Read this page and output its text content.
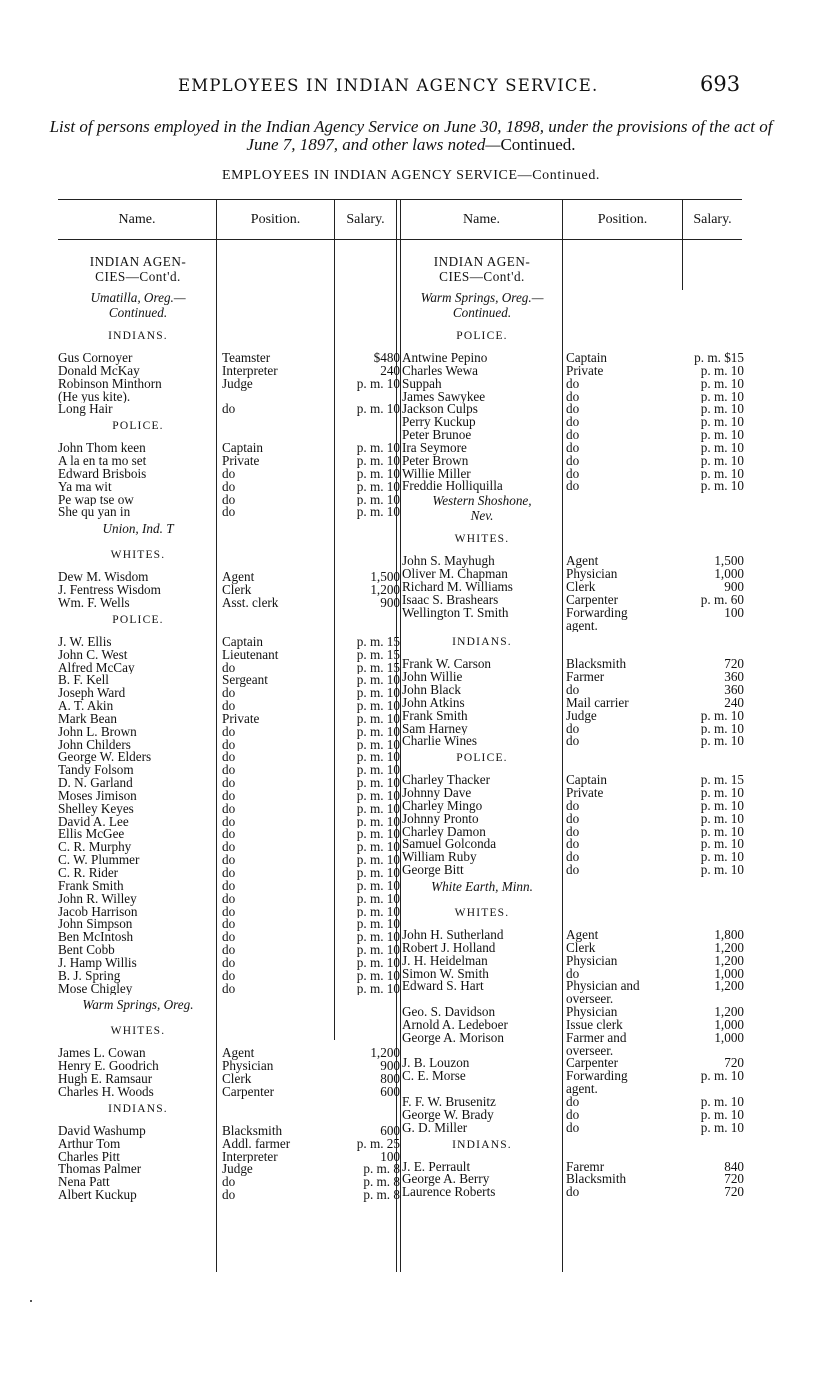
EMPLOYEES IN INDIAN AGENCY SERVICE.	693
List of persons employed in the Indian Agency Service on June 30, 1898, under the provisions of the act of June 7, 1897, and other laws noted—Continued.
EMPLOYEES IN INDIAN AGENCY SERVICE—Continued.
Name.	Position.	Salary.	Name.	Position.	Salary.
INDIAN AGEN-
CIES—Cont'd.
Umatilla, Oreg.—
Continued.
INDIANS.
Gus Cornoyer	Teamster	$480
Donald McKay	Interpreter	240
Robinson Minthorn	Judge	p. m. 10
(He yus kite).
Long Hair	do	p. m. 10
POLICE.
John Thom keen	Captain	p. m. 10
A la en ta mo set	Private	p. m. 10
Edward Brisbois	do	p. m. 10
Ya ma wit	do	p. m. 10
Pe wap tse ow	do	p. m. 10
She qu yan in	do	p. m. 10
Union, Ind. T
WHITES.
Dew M. Wisdom	Agent	1,500
J. Fentress Wisdom	Clerk	1,200
Wm. F. Wells	Asst. clerk	900
POLICE.
J. W. Ellis	Captain	p. m. 15
John C. West	Lieutenant	p. m. 15
Alfred McCay	do	p. m. 15
B. F. Kell	Sergeant	p. m. 10
Joseph Ward	do	p. m. 10
A. T. Akin	do	p. m. 10
Mark Bean	Private	p. m. 10
John L. Brown	do	p. m. 10
John Childers	do	p. m. 10
George W. Elders	do	p. m. 10
Tandy Folsom	do	p. m. 10
D. N. Garland	do	p. m. 10
Moses Jimison	do	p. m. 10
Shelley Keyes	do	p. m. 10
David A. Lee	do	p. m. 10
Ellis McGee	do	p. m. 10
C. R. Murphy	do	p. m. 10
C. W. Plummer	do	p. m. 10
C. R. Rider	do	p. m. 10
Frank Smith	do	p. m. 10
John R. Willey	do	p. m. 10
Jacob Harrison	do	p. m. 10
John Simpson	do	p. m. 10
Ben McIntosh	do	p. m. 10
Bent Cobb	do	p. m. 10
J. Hamp Willis	do	p. m. 10
B. J. Spring	do	p. m. 10
Mose Chigley	do	p. m. 10
Warm Springs, Oreg.
WHITES.
James L. Cowan	Agent	1,200
Henry E. Goodrich	Physician	900
Hugh E. Ramsaur	Clerk	800
Charles H. Woods	Carpenter	600
INDIANS.
David Washump	Blacksmith	600
Arthur Tom	Addl. farmer	p. m. 25
Charles Pitt	Interpreter	100
Thomas Palmer	Judge	p. m. 8
Nena Patt	do	p. m. 8
Albert Kuckup	do	p. m. 8
INDIAN AGEN-
CIES—Cont'd.
Warm Springs, Oreg.—
Continued.
POLICE.
Antwine Pepino	Captain	p. m. $15
Charles Wewa	Private	p. m. 10
Suppah	do	p. m. 10
James Sawykee	do	p. m. 10
Jackson Culps	do	p. m. 10
Perry Kuckup	do	p. m. 10
Peter Brunoe	do	p. m. 10
Ira Seymore	do	p. m. 10
Peter Brown	do	p. m. 10
Willie Miller	do	p. m. 10
Freddie Holliquilla	do	p. m. 10
Western Shoshone,
Nev.
WHITES.
John S. Mayhugh	Agent	1,500
Oliver M. Chapman	Physician	1,000
Richard M. Williams	Clerk	900
Isaac S. Brashears	Carpenter	p. m. 60
Wellington T. Smith	Forwarding	100
agent.
INDIANS.
Frank W. Carson	Blacksmith	720
John Willie	Farmer	360
John Black	do	360
John Atkins	Mail carrier	240
Frank Smith	Judge	p. m. 10
Sam Harney	do	p. m. 10
Charlie Wines	do	p. m. 10
POLICE.
Charley Thacker	Captain	p. m. 15
Johnny Dave	Private	p. m. 10
Charley Mingo	do	p. m. 10
Johnny Pronto	do	p. m. 10
Charley Damon	do	p. m. 10
Samuel Golconda	do	p. m. 10
William Ruby	do	p. m. 10
George Bitt	do	p. m. 10
White Earth, Minn.
WHITES.
John H. Sutherland	Agent	1,800
Robert J. Holland	Clerk	1,200
J. H. Heidelman	Physician	1,200
Simon W. Smith	do	1,000
Edward S. Hart	Physician and	1,200
overseer.
Geo. S. Davidson	Physician	1,200
Arnold A. Ledeboer	Issue clerk	1,000
George A. Morison	Farmer and	1,000
overseer.
J. B. Louzon	Carpenter	720
C. E. Morse	Forwarding	p. m. 10
agent.
F. F. W. Brusenitz	do	p. m. 10
George W. Brady	do	p. m. 10
G. D. Miller	do	p. m. 10
INDIANS.
J. E. Perrault	Faremr	840
George A. Berry	Blacksmith	720
Laurence Roberts	do	720
